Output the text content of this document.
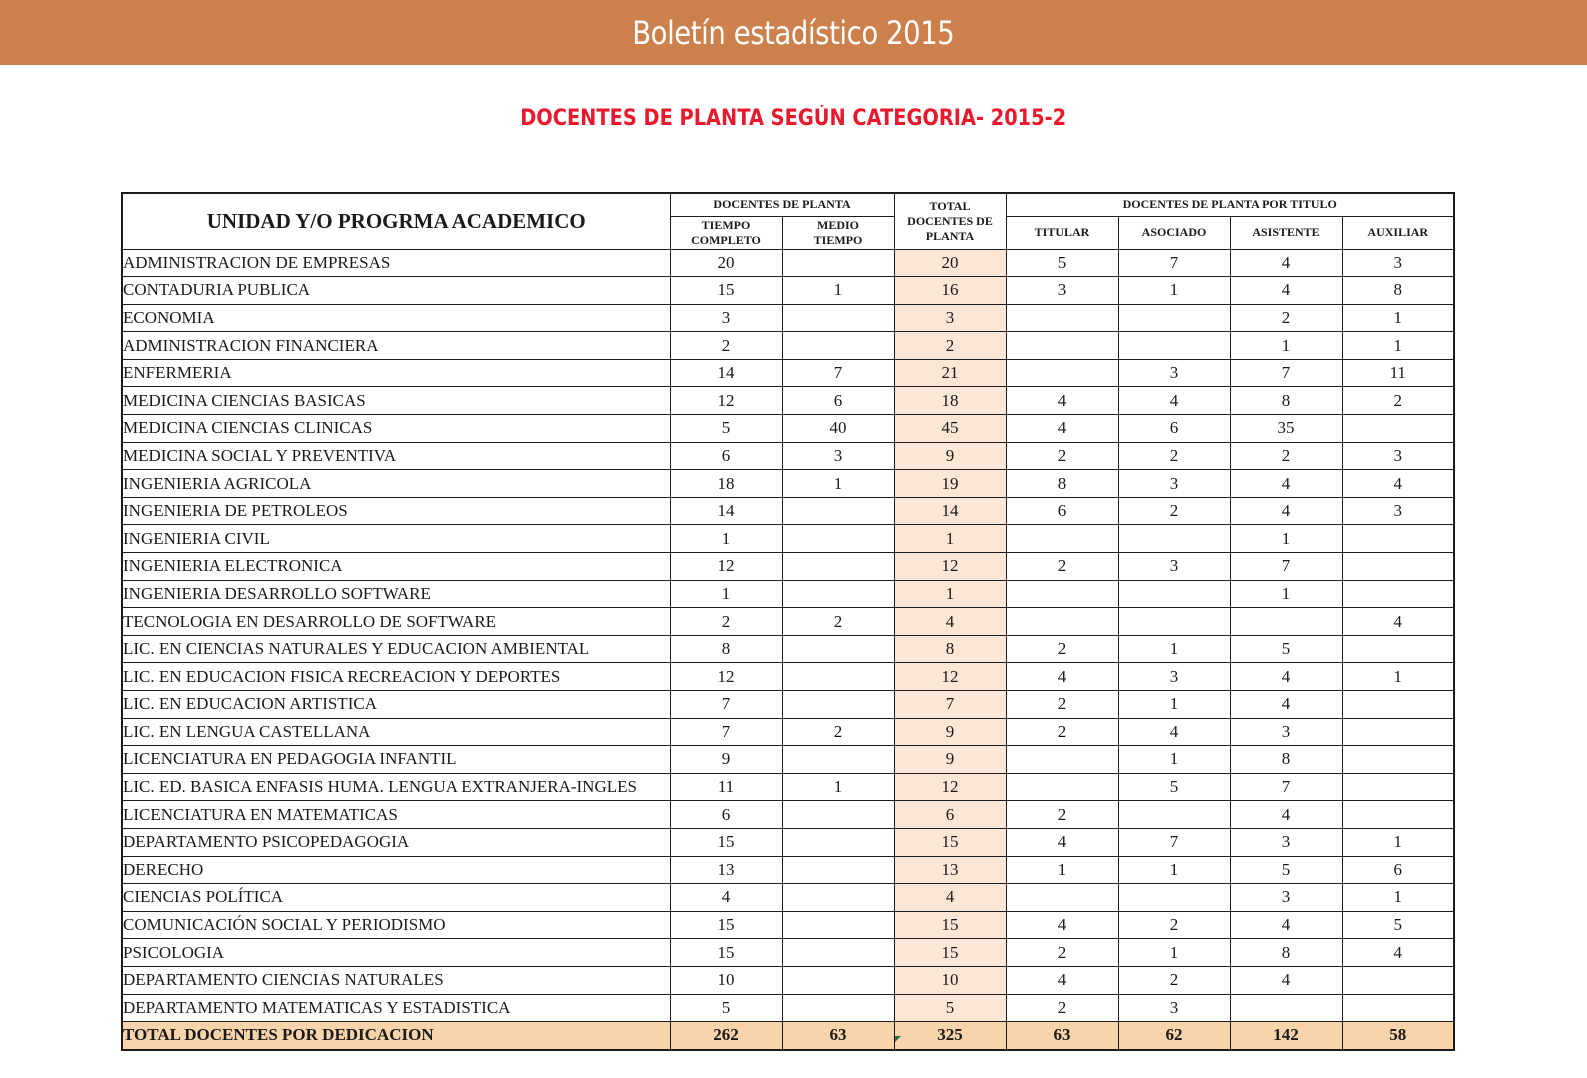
Boletín estadístico 2015
DOCENTES DE PLANTA SEGÚN CATEGORIA- 2015-2
UNIDAD Y/O PROGRMA ACADEMICO	DOCENTES DE PLANTA		TOTAL DOCENTES DE PLANTA	DOCENTES DE PLANTA POR TITULO			
	TIEMPO COMPLETO	MEDIO TIEMPO		TITULAR	ASOCIADO	ASISTENTE	AUXILIAR
ADMINISTRACION DE EMPRESAS	20		20	5	7	4	3
CONTADURIA PUBLICA	15	1	16	3	1	4	8
ECONOMIA	3		3			2	1
ADMINISTRACION FINANCIERA	2		2			1	1
ENFERMERIA	14	7	21		3	7	11
MEDICINA CIENCIAS BASICAS	12	6	18	4	4	8	2
MEDICINA CIENCIAS CLINICAS	5	40	45	4	6	35	
MEDICINA SOCIAL Y PREVENTIVA	6	3	9	2	2	2	3
INGENIERIA AGRICOLA	18	1	19	8	3	4	4
INGENIERIA DE PETROLEOS	14		14	6	2	4	3
INGENIERIA CIVIL	1		1			1	
INGENIERIA ELECTRONICA	12		12	2	3	7	
INGENIERIA DESARROLLO SOFTWARE	1		1			1	
TECNOLOGIA EN DESARROLLO DE SOFTWARE	2	2	4				4
LIC. EN CIENCIAS NATURALES Y EDUCACION AMBIENTAL	8		8	2	1	5	
LIC. EN EDUCACION FISICA RECREACION Y DEPORTES	12		12	4	3	4	1
LIC. EN EDUCACION ARTISTICA	7		7	2	1	4	
LIC. EN LENGUA CASTELLANA	7	2	9	2	4	3	
LICENCIATURA EN PEDAGOGIA INFANTIL	9		9		1	8	
LIC. ED. BASICA ENFASIS HUMA. LENGUA EXTRANJERA-INGLES	11	1	12		5	7	
LICENCIATURA EN MATEMATICAS	6		6	2		4	
DEPARTAMENTO PSICOPEDAGOGIA	15		15	4	7	3	1
DERECHO	13		13	1	1	5	6
CIENCIAS POLÍTICA	4		4			3	1
COMUNICACIÓN SOCIAL Y PERIODISMO	15		15	4	2	4	5
PSICOLOGIA	15		15	2	1	8	4
DEPARTAMENTO CIENCIAS NATURALES	10		10	4	2	4	
DEPARTAMENTO MATEMATICAS Y ESTADISTICA	5		5	2	3		
TOTAL DOCENTES POR DEDICACION	262	63	325	63	62	142	58
